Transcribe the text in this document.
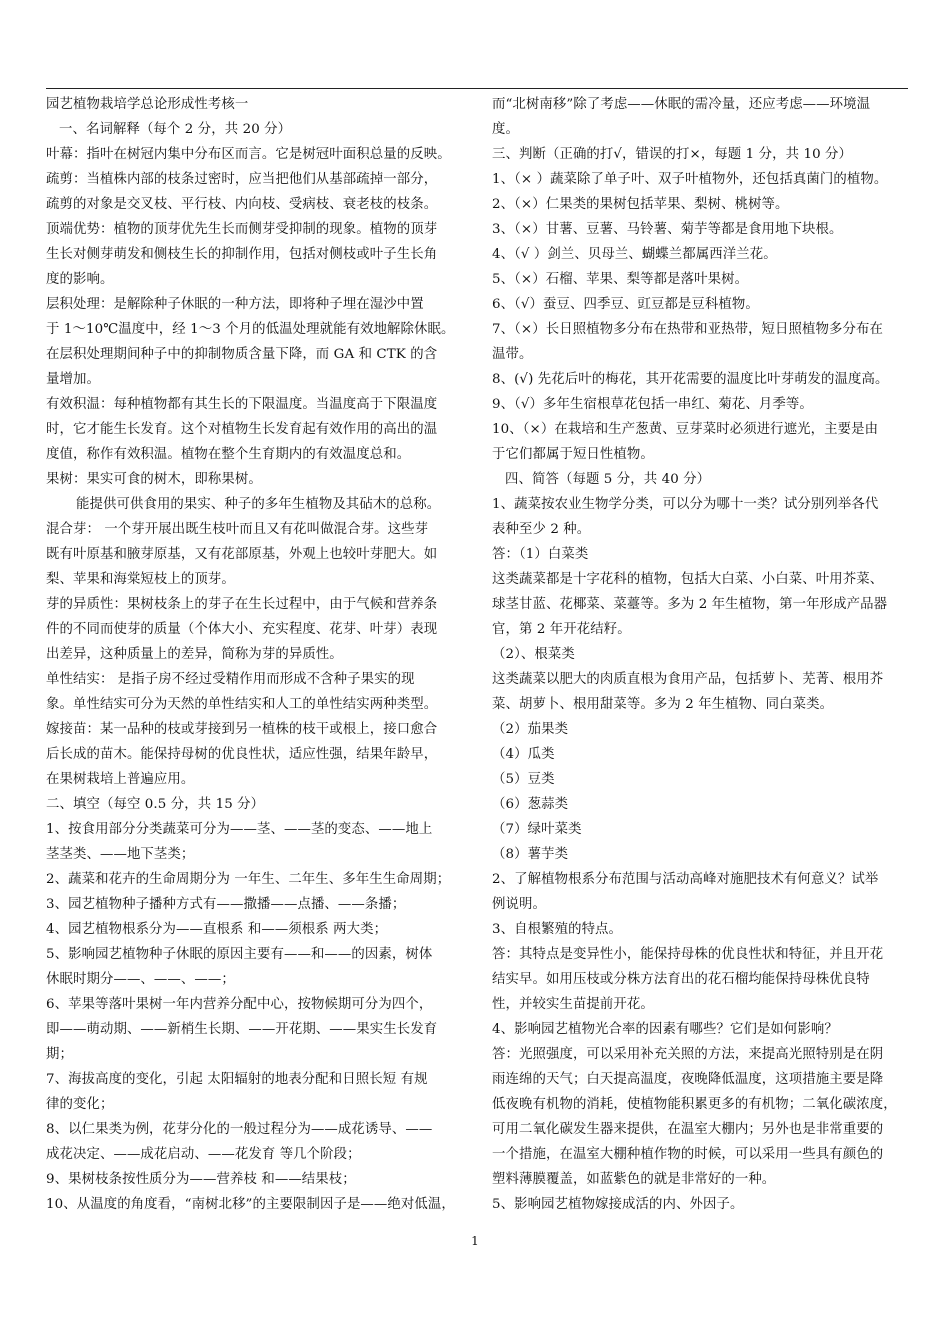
园艺植物栽培学总论形成性考核一
一、名词解释（每个 2 分，共 20 分）
叶幕：指叶在树冠内集中分布区而言。它是树冠叶面积总量的反映。
疏剪：当植株内部的枝条过密时，应当把他们从基部疏掉一部分，
疏剪的对象是交叉枝、平行枝、内向枝、受病枝、衰老枝的枝条。
顶端优势：植物的顶芽优先生长而侧芽受抑制的现象。植物的顶芽
生长对侧芽萌发和侧枝生长的抑制作用，包括对侧枝或叶子生长角
度的影响。
层积处理：是解除种子休眠的一种方法，即将种子埋在湿沙中置
于 1～10℃温度中，经 1～3 个月的低温处理就能有效地解除休眠。
在层积处理期间种子中的抑制物质含量下降，而 GA 和 CTK 的含
量增加。
有效积温：每种植物都有其生长的下限温度。当温度高于下限温度
时，它才能生长发育。这个对植物生长发育起有效作用的高出的温
度值，称作有效积温。植物在整个生育期内的有效温度总和。
果树：果实可食的树木，即称果树。
能提供可供食用的果实、种子的多年生植物及其砧木的总称。
混合芽： 一个芽开展出既生枝叶而且又有花叫做混合芽。这些芽
既有叶原基和腋芽原基，又有花部原基，外观上也较叶芽肥大。如
梨、苹果和海棠短枝上的顶芽。
芽的异质性：果树枝条上的芽子在生长过程中，由于气候和营养条
件的不同而使芽的质量（个体大小、充实程度、花芽、叶芽）表现
出差异，这种质量上的差异，简称为芽的异质性。
单性结实： 是指子房不经过受精作用而形成不含种子果实的现
象。单性结实可分为天然的单性结实和人工的单性结实两种类型。
嫁接苗：某一品种的枝或芽接到另一植株的枝干或根上，接口愈合
后长成的苗木。能保持母树的优良性状，适应性强，结果年龄早，
在果树栽培上普遍应用。
二、填空（每空 0.5 分，共 15 分）
1、按食用部分分类蔬菜可分为——茎、——茎的变态、——地上
茎茎类、——地下茎类；
2、蔬菜和花卉的生命周期分为 一年生、二年生、多年生生命周期；
3、园艺植物种子播种方式有——撒播——点播、——条播；
4、园艺植物根系分为——直根系 和——须根系 两大类；
5、影响园艺植物种子休眠的原因主要有——和——的因素，树体
休眠时期分——、——、——；
6、苹果等落叶果树一年内营养分配中心，按物候期可分为四个，
即——萌动期、——新梢生长期、——开花期、——果实生长发育
期；
7、海拔高度的变化，引起 太阳辐射的地表分配和日照长短 有规
律的变化；
8、以仁果类为例，花芽分化的一般过程分为——成花诱导、——
成花决定、——成花启动、——花发育 等几个阶段；
9、果树枝条按性质分为——营养枝 和——结果枝；
10、从温度的角度看，“南树北移”的主要限制因子是——绝对低温，
而“北树南移”除了考虑——休眠的需冷量，还应考虑——环境温
度。
三、判断（正确的打√，错误的打×，每题 1 分，共 10 分）
1、（× ）蔬菜除了单子叶、双子叶植物外，还包括真菌门的植物。
2、（×）仁果类的果树包括苹果、梨树、桃树等。
3、（×）甘薯、豆薯、马铃薯、菊芋等都是食用地下块根。
4、（√ ）剑兰、贝母兰、蝴蝶兰都属西洋兰花。
5、（×）石榴、苹果、梨等都是落叶果树。
6、（√）蚕豆、四季豆、豇豆都是豆科植物。
7、（×）长日照植物多分布在热带和亚热带，短日照植物多分布在
温带。
8、(√) 先花后叶的梅花，其开花需要的温度比叶芽萌发的温度高。
9、（√）多年生宿根草花包括一串红、菊花、月季等。
10、（×）在栽培和生产葱黄、豆芽菜时必须进行遮光，主要是由
于它们都属于短日性植物。
四、简答（每题 5 分，共 40 分）
1、蔬菜按农业生物学分类，可以分为哪十一类？试分别列举各代
表种至少 2 种。
答：（1）白菜类
这类蔬菜都是十字花科的植物，包括大白菜、小白菜、叶用芥菜、
球茎甘蓝、花椰菜、菜薹等。多为 2 年生植物，第一年形成产品器
官，第 2 年开花结籽。
（2）、根菜类
这类蔬菜以肥大的肉质直根为食用产品，包括萝卜、芜菁、根用芥
菜、胡萝卜、根用甜菜等。多为 2 年生植物、同白菜类。
（2）茄果类
（4）瓜类
（5）豆类
（6）葱蒜类
（7）绿叶菜类
（8）薯芋类
2、了解植物根系分布范围与活动高峰对施肥技术有何意义？试举
例说明。
3、自根繁殖的特点。
答：其特点是变异性小，能保持母株的优良性状和特征，并且开花
结实早。如用压枝或分株方法育出的花石榴均能保持母株优良特
性，并较实生苗提前开花。
4、影响园艺植物光合率的因素有哪些？它们是如何影响？
答：光照强度，可以采用补充关照的方法，来提高光照特别是在阴
雨连绵的天气；白天提高温度，夜晚降低温度，这项措施主要是降
低夜晚有机物的消耗，使植物能积累更多的有机物；二氧化碳浓度，
可用二氧化碳发生器来提供，在温室大棚内；另外也是非常重要的
一个措施，在温室大棚种植作物的时候，可以采用一些具有颜色的
塑料薄膜覆盖，如蓝紫色的就是非常好的一种。
5、影响园艺植物嫁接成活的内、外因子。
1
